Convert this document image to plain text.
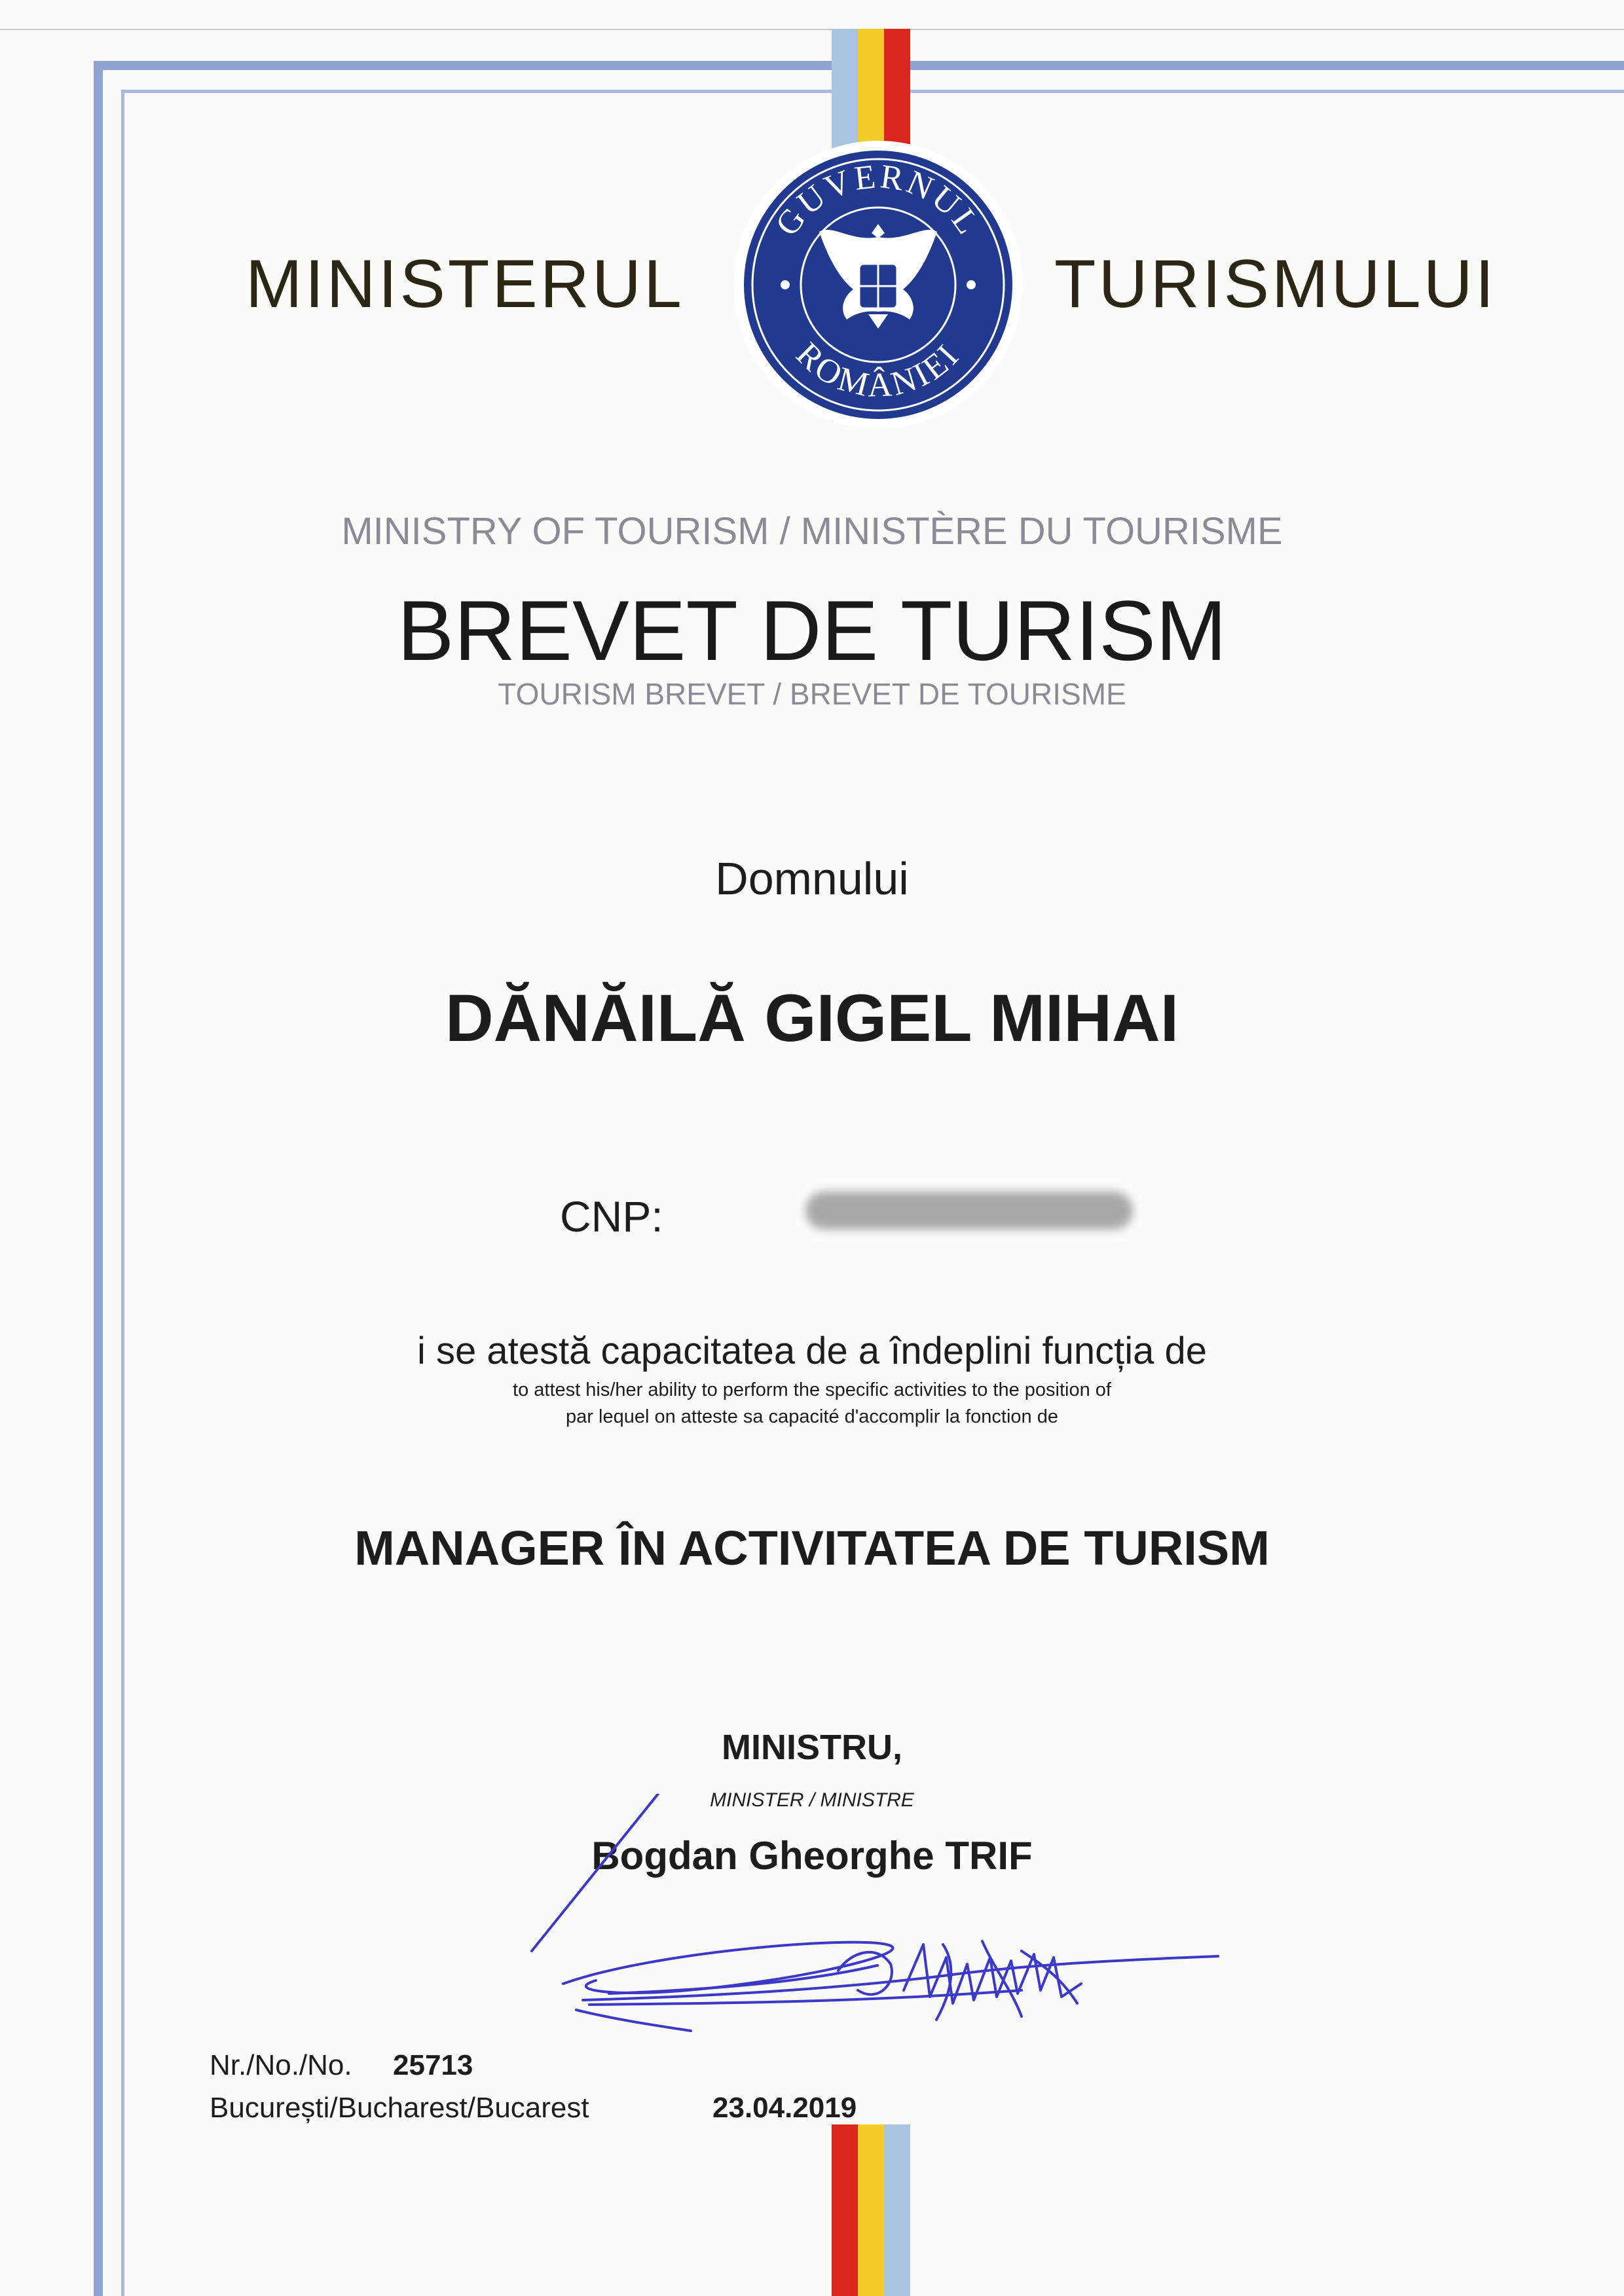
MINISTERUL	TURISMULUI
GUVERNUL
ROMÂNIEI
MINISTRY OF TOURISM / MINISTÈRE DU TOURISME
BREVET DE TURISM
TOURISM BREVET / BREVET DE TOURISME
Domnului
DĂNĂILĂ GIGEL MIHAI
CNP:
i se atestă capacitatea de a îndeplini funcția de
to attest his/her ability to perform the specific activities to the position of
par lequel on atteste sa capacité d'accomplir la fonction de
MANAGER ÎN ACTIVITATEA DE TURISM
MINISTRU,
MINISTER / MINISTRE
Bogdan Gheorghe TRIF
Nr./No./No. 25713
București/Bucharest/Bucarest	23.04.2019
